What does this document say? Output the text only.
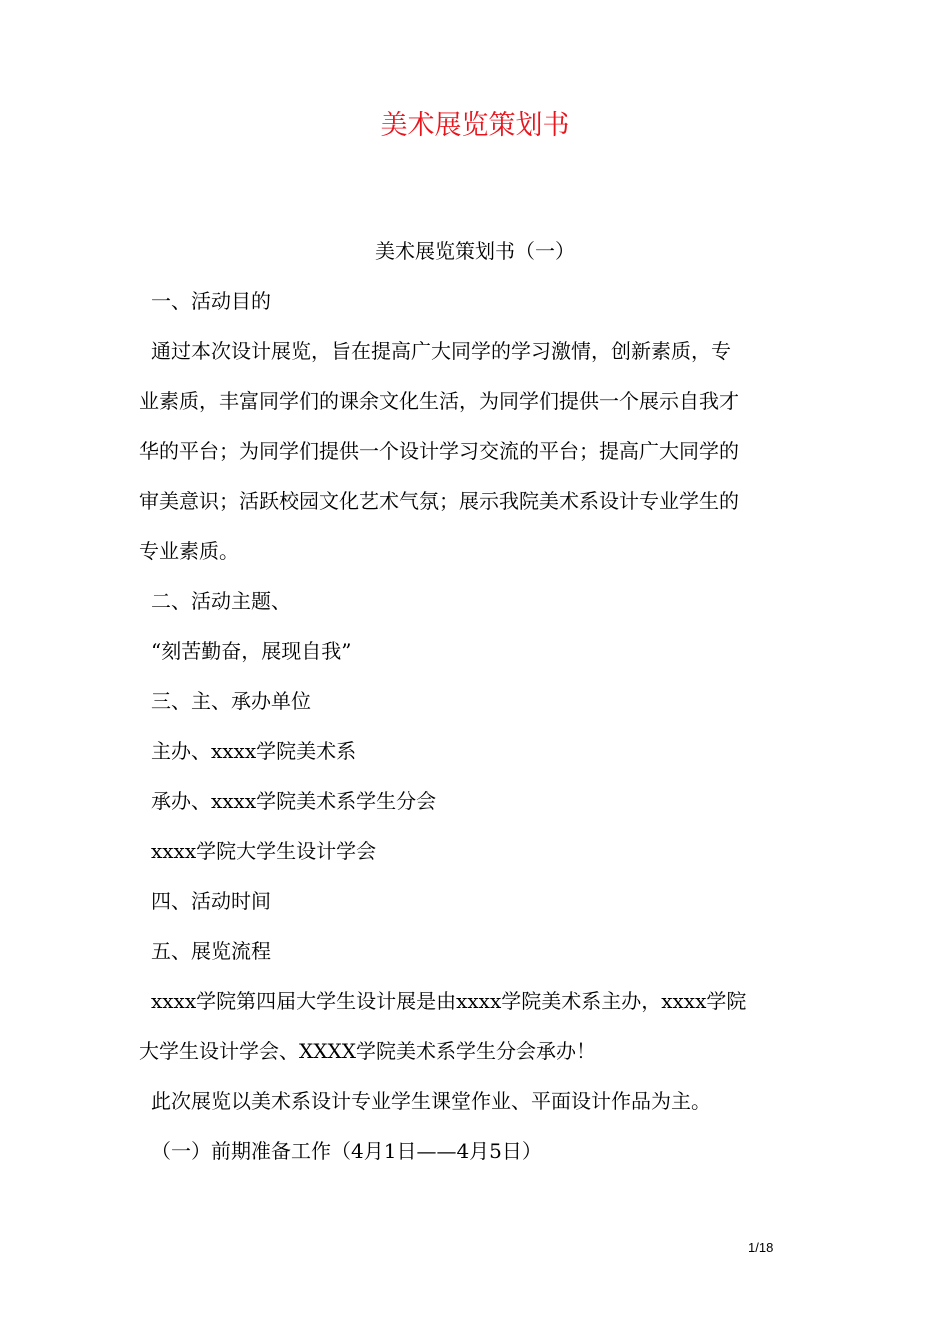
美术展览策划书

美术展览策划书（一）

一、活动目的

通过本次设计展览，旨在提高广大同学的学习激情，创新素质，专

业素质，丰富同学们的课余文化生活，为同学们提供一个展示自我才

华的平台；为同学们提供一个设计学习交流的平台；提高广大同学的

审美意识；活跃校园文化艺术气氛；展示我院美术系设计专业学生的

专业素质。

二、活动主题、

“刻苦勤奋，展现自我”

三、主、承办单位

主办、xxxx学院美术系

承办、xxxx学院美术系学生分会

xxxx学院大学生设计学会

四、活动时间

五、展览流程

xxxx学院第四届大学生设计展是由xxxx学院美术系主办，xxxx学院

大学生设计学会、XXXX学院美术系学生分会承办！

此次展览以美术系设计专业学生课堂作业、平面设计作品为主。

（一）前期准备工作（4月1日——4月5日）

1/18
